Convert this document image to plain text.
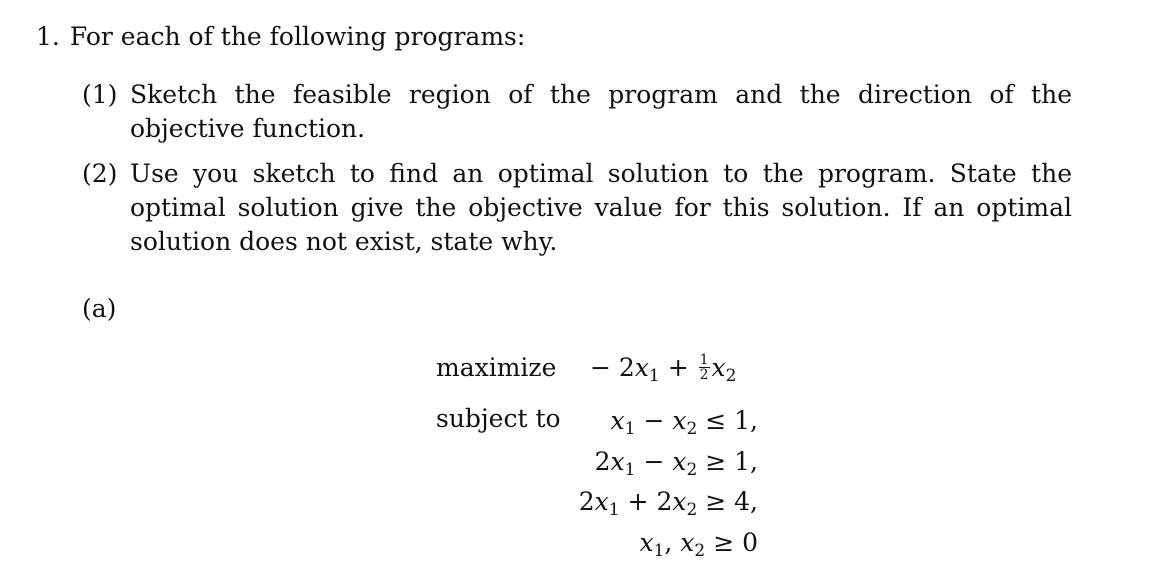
1. For each of the following programs:
(1) Sketch the feasible region of the program and the direction of the objective function.
(2) Use you sketch to find an optimal solution to the program. State the optimal solution give the objective value for this solution. If an optimal solution does not exist, state why.
(a)
maximize
subject to
− $2x_1 + \frac{1}{2} x_2$
$x_1 - x_2 \le 1$,
$2x_1 - x_2 \ge 1$,
$2x_1 + 2x_2 \ge 4$,
$x_1$, $x_2 \ge 0$
